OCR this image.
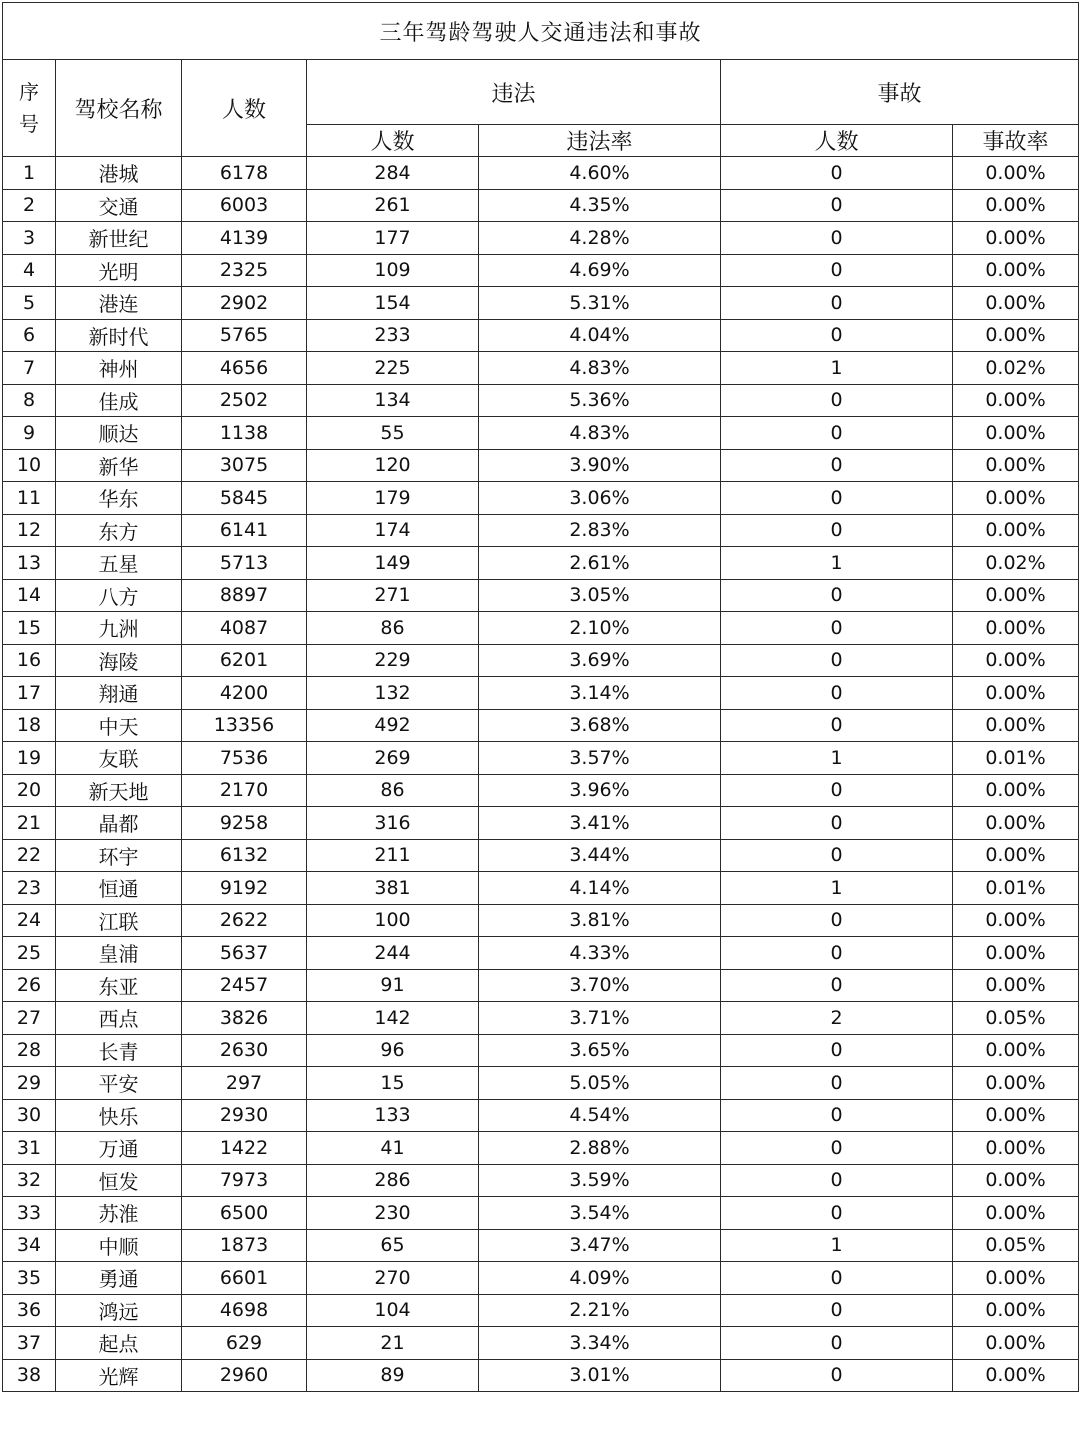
三年驾龄驾驶人交通违法和事故						
序号	驾校名称	人数	违法		事故	
			人数	违法率	人数	事故率
1	港城	6178	284	4.60%	0	0.00%
2	交通	6003	261	4.35%	0	0.00%
3	新世纪	4139	177	4.28%	0	0.00%
4	光明	2325	109	4.69%	0	0.00%
5	港连	2902	154	5.31%	0	0.00%
6	新时代	5765	233	4.04%	0	0.00%
7	神州	4656	225	4.83%	1	0.02%
8	佳成	2502	134	5.36%	0	0.00%
9	顺达	1138	55	4.83%	0	0.00%
10	新华	3075	120	3.90%	0	0.00%
11	华东	5845	179	3.06%	0	0.00%
12	东方	6141	174	2.83%	0	0.00%
13	五星	5713	149	2.61%	1	0.02%
14	八方	8897	271	3.05%	0	0.00%
15	九洲	4087	86	2.10%	0	0.00%
16	海陵	6201	229	3.69%	0	0.00%
17	翔通	4200	132	3.14%	0	0.00%
18	中天	13356	492	3.68%	0	0.00%
19	友联	7536	269	3.57%	1	0.01%
20	新天地	2170	86	3.96%	0	0.00%
21	晶都	9258	316	3.41%	0	0.00%
22	环宇	6132	211	3.44%	0	0.00%
23	恒通	9192	381	4.14%	1	0.01%
24	江联	2622	100	3.81%	0	0.00%
25	皇浦	5637	244	4.33%	0	0.00%
26	东亚	2457	91	3.70%	0	0.00%
27	西点	3826	142	3.71%	2	0.05%
28	长青	2630	96	3.65%	0	0.00%
29	平安	297	15	5.05%	0	0.00%
30	快乐	2930	133	4.54%	0	0.00%
31	万通	1422	41	2.88%	0	0.00%
32	恒发	7973	286	3.59%	0	0.00%
33	苏淮	6500	230	3.54%	0	0.00%
34	中顺	1873	65	3.47%	1	0.05%
35	勇通	6601	270	4.09%	0	0.00%
36	鸿远	4698	104	2.21%	0	0.00%
37	起点	629	21	3.34%	0	0.00%
38	光辉	2960	89	3.01%	0	0.00%
